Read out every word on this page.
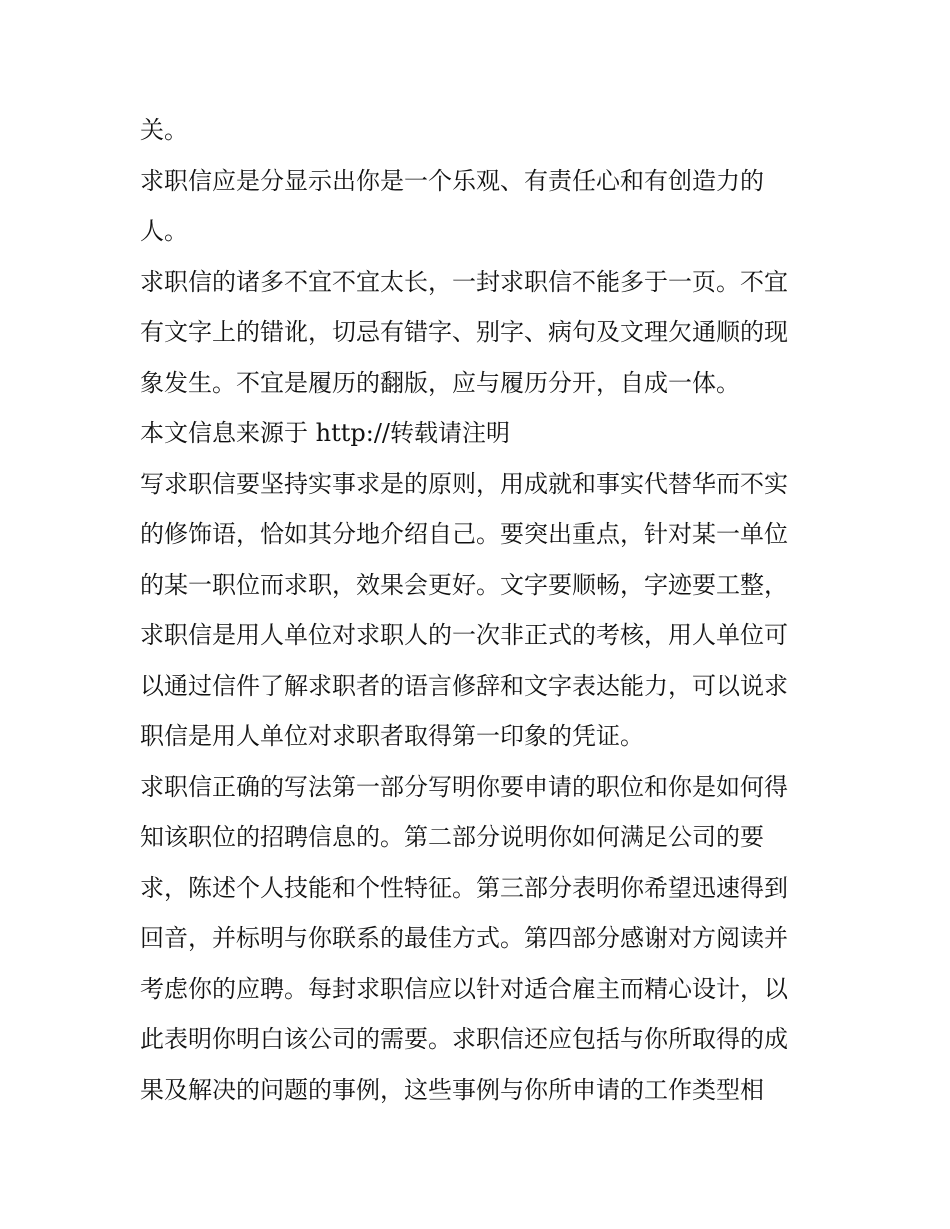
关。
求职信应是分显示出你是一个乐观、有责任心和有创造力的
人。
求职信的诸多不宜不宜太长，一封求职信不能多于一页。不宜
有文字上的错讹，切忌有错字、别字、病句及文理欠通顺的现
象发生。不宜是履历的翻版，应与履历分开，自成一体。
本文信息来源于 http://转载请注明
写求职信要坚持实事求是的原则，用成就和事实代替华而不实
的修饰语，恰如其分地介绍自己。要突出重点，针对某一单位
的某一职位而求职，效果会更好。文字要顺畅，字迹要工整，
求职信是用人单位对求职人的一次非正式的考核，用人单位可
以通过信件了解求职者的语言修辞和文字表达能力，可以说求
职信是用人单位对求职者取得第一印象的凭证。
求职信正确的写法第一部分写明你要申请的职位和你是如何得
知该职位的招聘信息的。第二部分说明你如何满足公司的要
求，陈述个人技能和个性特征。第三部分表明你希望迅速得到
回音，并标明与你联系的最佳方式。第四部分感谢对方阅读并
考虑你的应聘。每封求职信应以针对适合雇主而精心设计，以
此表明你明白该公司的需要。求职信还应包括与你所取得的成
果及解决的问题的事例，这些事例与你所申请的工作类型相
